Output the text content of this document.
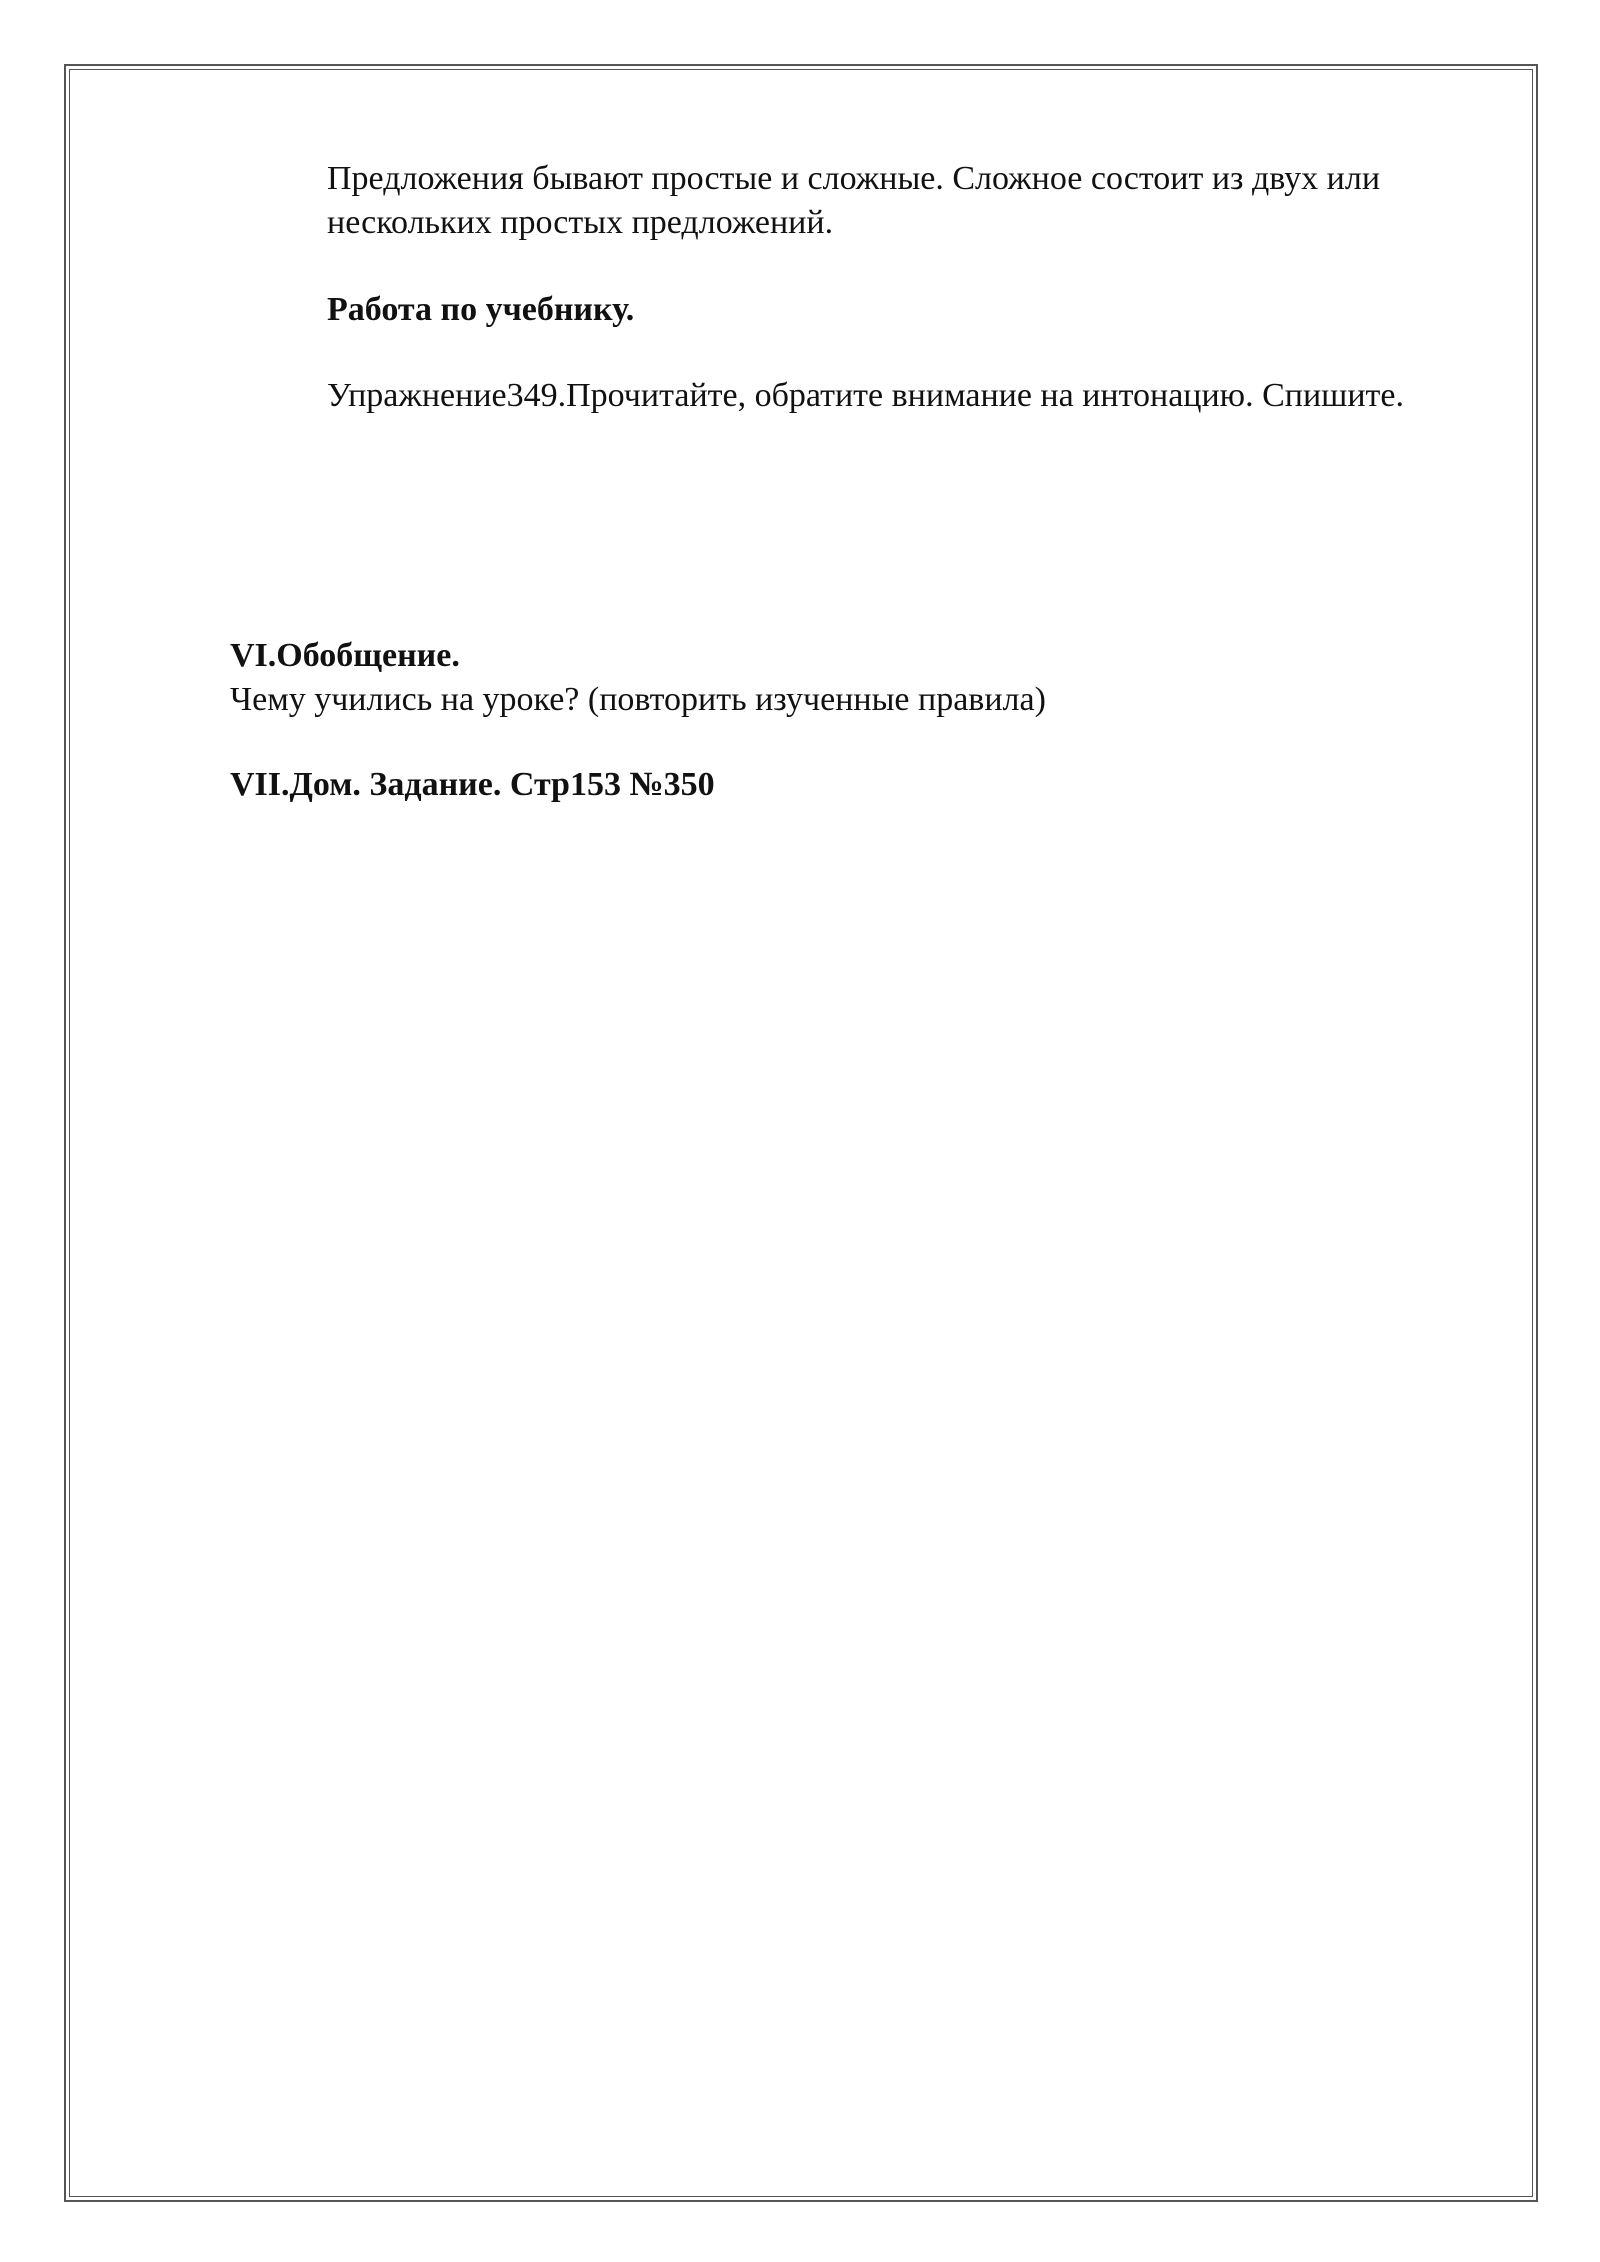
Предложения бывают простые и сложные. Сложное состоит из двух или нескольких простых предложений.
Работа по учебнику.
Упражнение349.Прочитайте, обратите внимание на интонацию. Спишите.
VI.Обобщение.
Чему учились на уроке? (повторить изученные правила)
VII.Дом. Задание. Стр153 №350
